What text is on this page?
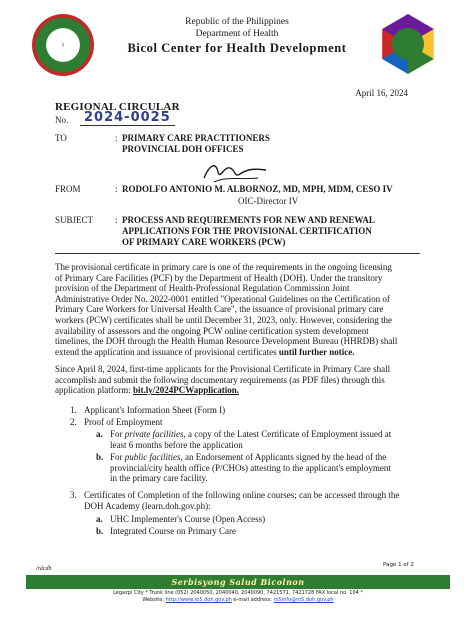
⚕
Republic of the Philippines
Department of Health
Bicol Center for Health Development
April 16, 2024
REGIONAL CIRCULAR
No.	2024-0025
TO	: PRIMARY CARE PRACTITIONERS
PROVINCIAL DOH OFFICES
FROM	: RODOLFO ANTONIO M. ALBORNOZ, MD, MPH, MDM, CESO IV
OIC-Director IV
SUBJECT : PROCESS AND REQUIREMENTS FOR NEW AND RENEWAL
APPLICATIONS FOR THE PROVISIONAL CERTIFICATION
OF PRIMARY CARE WORKERS (PCW)
The provisional certificate in primary care is one of the requirements in the ongoing licensing
of Primary Care Facilities (PCF) by the Department of Health (DOH). Under the transitory
provision of the Department of Health-Professional Regulation Commission Joint
Administrative Order No. 2022-0001 entitled "Operational Guidelines on the Certification of
Primary Care Workers for Universal Health Care", the issuance of provisional primary care
workers (PCW) certificates shall be until December 31, 2023, only. However, considering the
availability of assessors and the ongoing PCW online certification system development
timelines, the DOH through the Health Human Resource Development Bureau (HHRDB) shall
extend the application and issuance of provisional certificates until further notice.
Since April 8, 2024, first-time applicants for the Provisional Certificate in Primary Care shall
accomplish and submit the following documentary requirements (as PDF files) through this
application platform: bit.ly/2024PCWapplication.
1. Applicant's Information Sheet (Form I)
2. Proof of Employment
a. For private facilities, a copy of the Latest Certificate of Employment issued at
least 6 months before the application
b. For public facilities, an Endorsement of Applicants signed by the head of the
provincial/city health office (P/CHOs) attesting to the applicant's employment
in the primary care facility.
3. Certificates of Completion of the following online courses; can be accessed through the
DOH Academy (learn.doh.gov.ph):
a. UHC Implementer's Course (Open Access)
b. Integrated Course on Primary Care
Page 1 of 2
/rdcdb
Serbisyong Salud Bicolnon
Legazpi City * Trunk line (052) 2040050, 2040040, 2040090, 7421571, 7421728 FAX local no. 104 *
Website: http://www.ro5.doh.gov.ph e-mail address: ro5info@ro5.doh.gov.ph
